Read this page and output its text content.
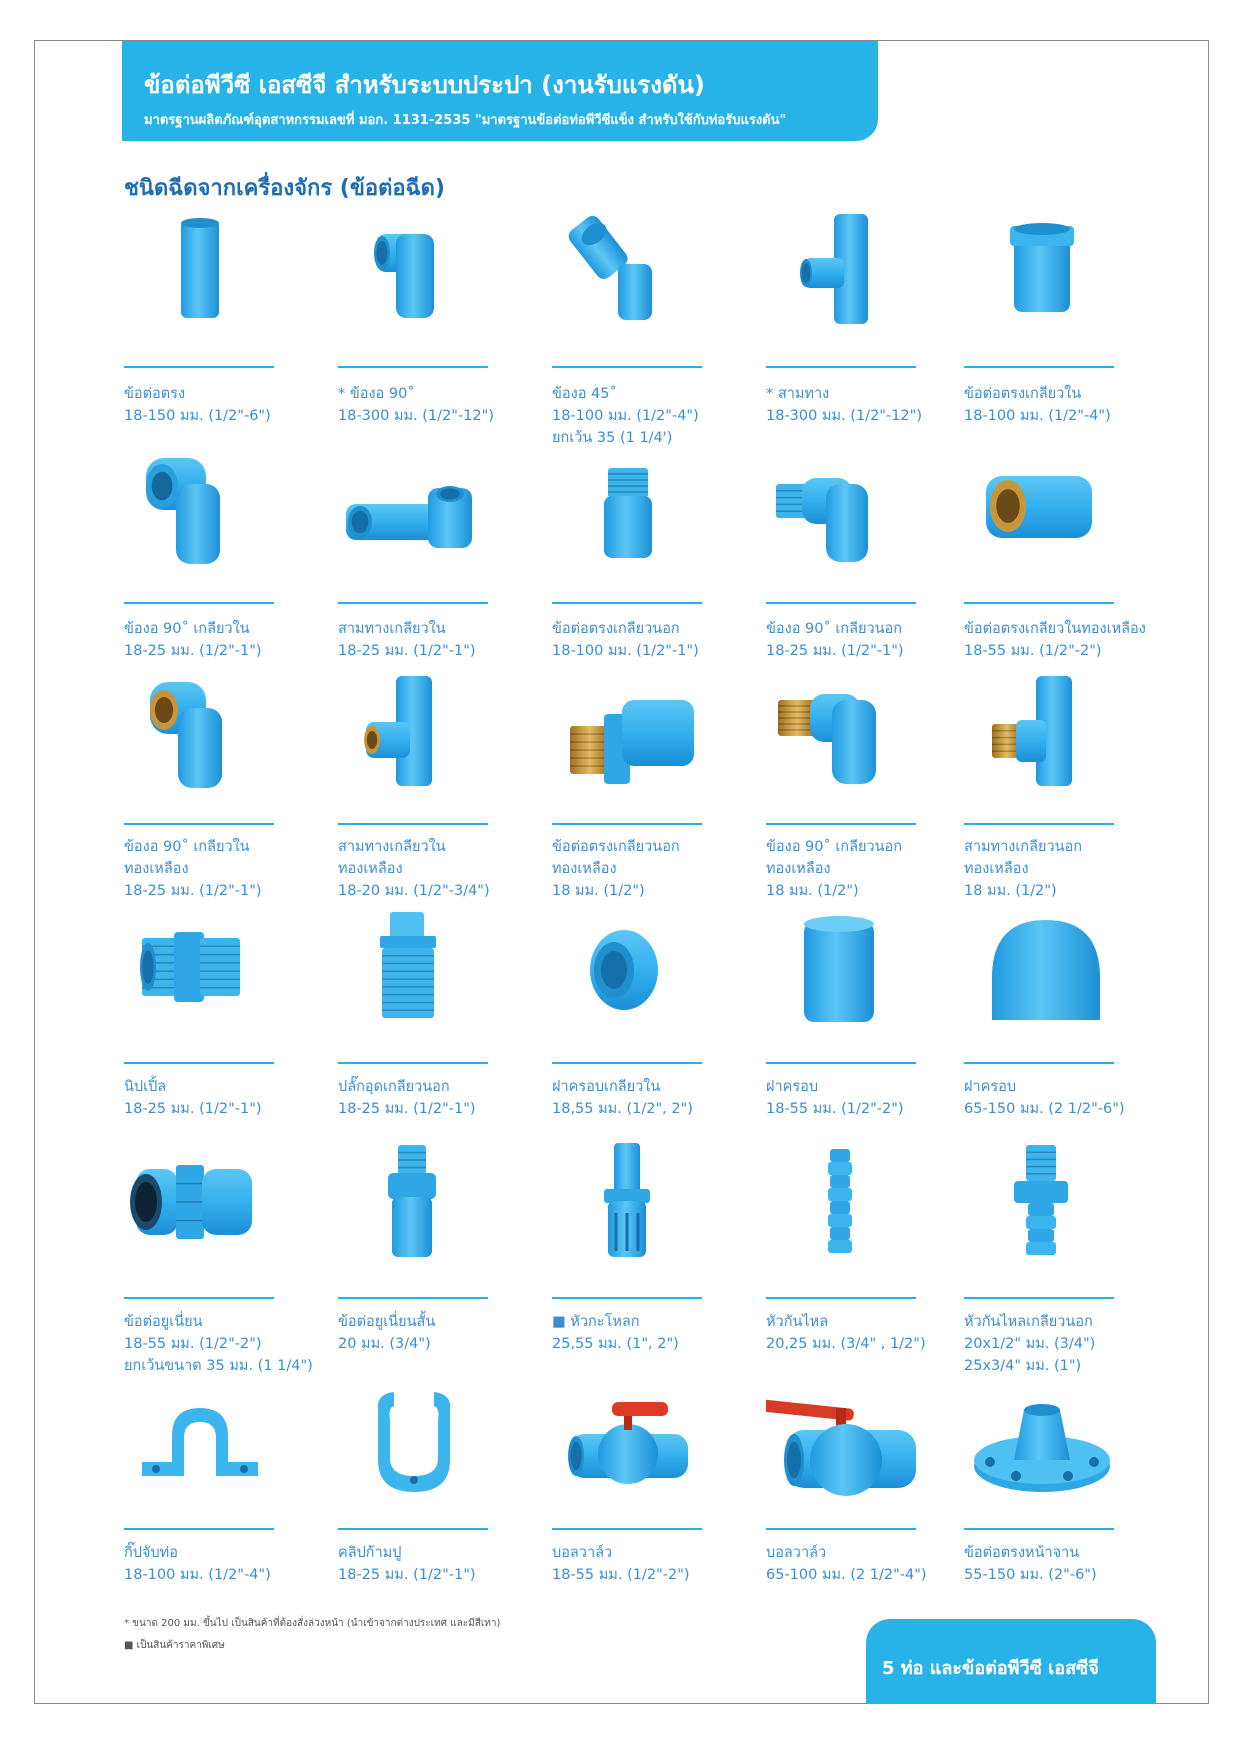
ข้อต่อพีวีซี เอสซีจี สำหรับระบบประปา (งานรับแรงดัน)
มาตรฐานผลิตภัณฑ์อุตสาหกรรมเลขที่ มอก. 1131-2535 "มาตรฐานข้อต่อท่อพีวีซีแข็ง สำหรับใช้กับท่อรับแรงดัน"
ชนิดฉีดจากเครื่องจักร (ข้อต่อฉีด)
ข้อต่อตรง
18-150 มม. (1/2"-6")
* ข้องอ 90˚
18-300 มม. (1/2"-12")
ข้องอ 45˚
18-100 มม. (1/2"-4")
ยกเว้น 35 (1 1/4')
* สามทาง
18-300 มม. (1/2"-12")
ข้อต่อตรงเกลียวใน
18-100 มม. (1/2"-4")
ข้องอ 90˚ เกลียวใน
18-25 มม. (1/2"-1")
สามทางเกลียวใน
18-25 มม. (1/2"-1")
ข้อต่อตรงเกลียวนอก
18-100 มม. (1/2"-1")
ข้องอ 90˚ เกลียวนอก
18-25 มม. (1/2"-1")
ข้อต่อตรงเกลียวในทองเหลือง
18-55 มม. (1/2"-2")
ข้องอ 90˚ เกลียวใน
ทองเหลือง
18-25 มม. (1/2"-1")
สามทางเกลียวใน
ทองเหลือง
18-20 มม. (1/2"-3/4")
ข้อต่อตรงเกลียวนอก
ทองเหลือง
18 มม. (1/2")
ข้องอ 90˚ เกลียวนอก
ทองเหลือง
18 มม. (1/2")
สามทางเกลียวนอก
ทองเหลือง
18 มม. (1/2")
นิปเปิ้ล
18-25 มม. (1/2"-1")
ปลั๊กอุดเกลียวนอก
18-25 มม. (1/2"-1")
ฝาครอบเกลียวใน
18,55 มม. (1/2", 2")
ฝาครอบ
18-55 มม. (1/2"-2")
ฝาครอบ
65-150 มม. (2 1/2"-6")
ข้อต่อยูเนี่ยน
18-55 มม. (1/2"-2")
ยกเว้นขนาด 35 มม. (1 1/4")
ข้อต่อยูเนี่ยนสั้น
20 มม. (3/4")
■ หัวกะโหลก
25,55 มม. (1", 2")
หัวกันไหล
20,25 มม. (3/4" , 1/2")
หัวกันไหลเกลียวนอก
20x1/2" มม. (3/4")
25x3/4" มม. (1")
กิ๊ปจับท่อ
18-100 มม. (1/2"-4")
คลิปก้ามปู
18-25 มม. (1/2"-1")
บอลวาล์ว
18-55 มม. (1/2"-2")
บอลวาล์ว
65-100 มม. (2 1/2"-4")
ข้อต่อตรงหน้าจาน
55-150 มม. (2"-6")
* ขนาด 200 มม. ขึ้นไป เป็นสินค้าที่ต้องสั่งล่วงหน้า (นำเข้าจากต่างประเทศ และมีสีเทา)
■ เป็นสินค้าราคาพิเศษ
5 ท่อ และข้อต่อพีวีซี เอสซีจี
